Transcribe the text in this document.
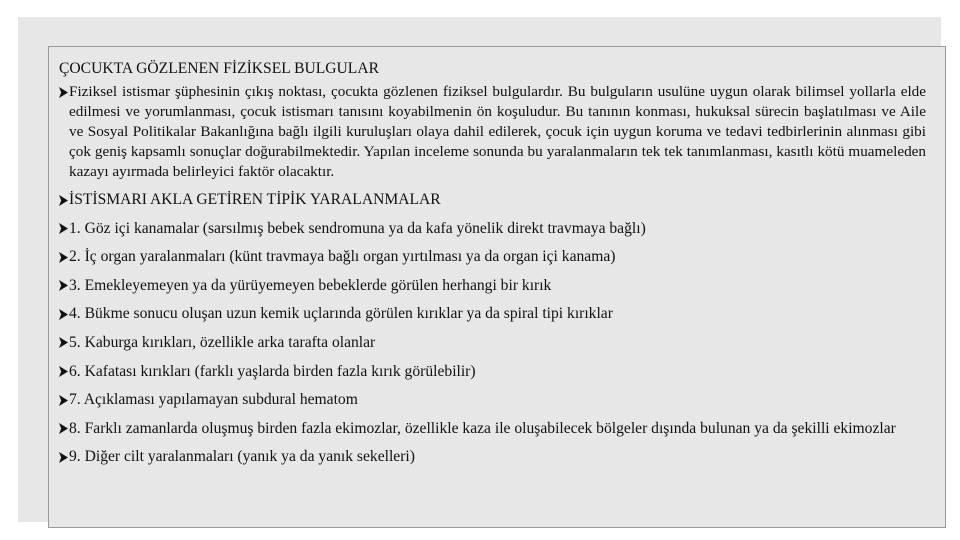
ÇOCUKTA GÖZLENEN FİZİKSEL BULGULAR
Fiziksel istismar şüphesinin çıkış noktası, çocukta gözlenen fiziksel bulgulardır. Bu bulguların usulüne uygun olarak bilimsel yollarla elde edilmesi ve yorumlanması, çocuk istismarı tanısını koyabilmenin ön koşuludur. Bu tanının konması, hukuksal sürecin başlatılması ve Aile ve Sosyal Politikalar Bakanlığına bağlı ilgili kuruluşları olaya dahil edilerek, çocuk için uygun koruma ve tedavi tedbirlerinin alınması gibi çok geniş kapsamlı sonuçlar doğurabilmektedir. Yapılan inceleme sonunda bu yaralanmaların tek tek tanımlanması, kasıtlı kötü muameleden kazayı ayırmada belirleyici faktör olacaktır.
İSTİSMARI AKLA GETİREN TİPİK YARALANMALAR
1. Göz içi kanamalar (sarsılmış bebek sendromuna ya da kafa yönelik direkt travmaya bağlı)
2. İç organ yaralanmaları (künt travmaya bağlı organ yırtılması ya da organ içi kanama)
3. Emekleyemeyen ya da yürüyemeyen bebeklerde görülen herhangi bir kırık
4. Bükme sonucu oluşan uzun kemik uçlarında görülen kırıklar ya da spiral tipi kırıklar
5. Kaburga kırıkları, özellikle arka tarafta olanlar
6. Kafatası kırıkları (farklı yaşlarda birden fazla kırık görülebilir)
7. Açıklaması yapılamayan subdural hematom
8. Farklı zamanlarda oluşmuş birden fazla ekimozlar, özellikle kaza ile oluşabilecek bölgeler dışında bulunan ya da şekilli ekimozlar
9. Diğer cilt yaralanmaları (yanık ya da yanık sekelleri)
